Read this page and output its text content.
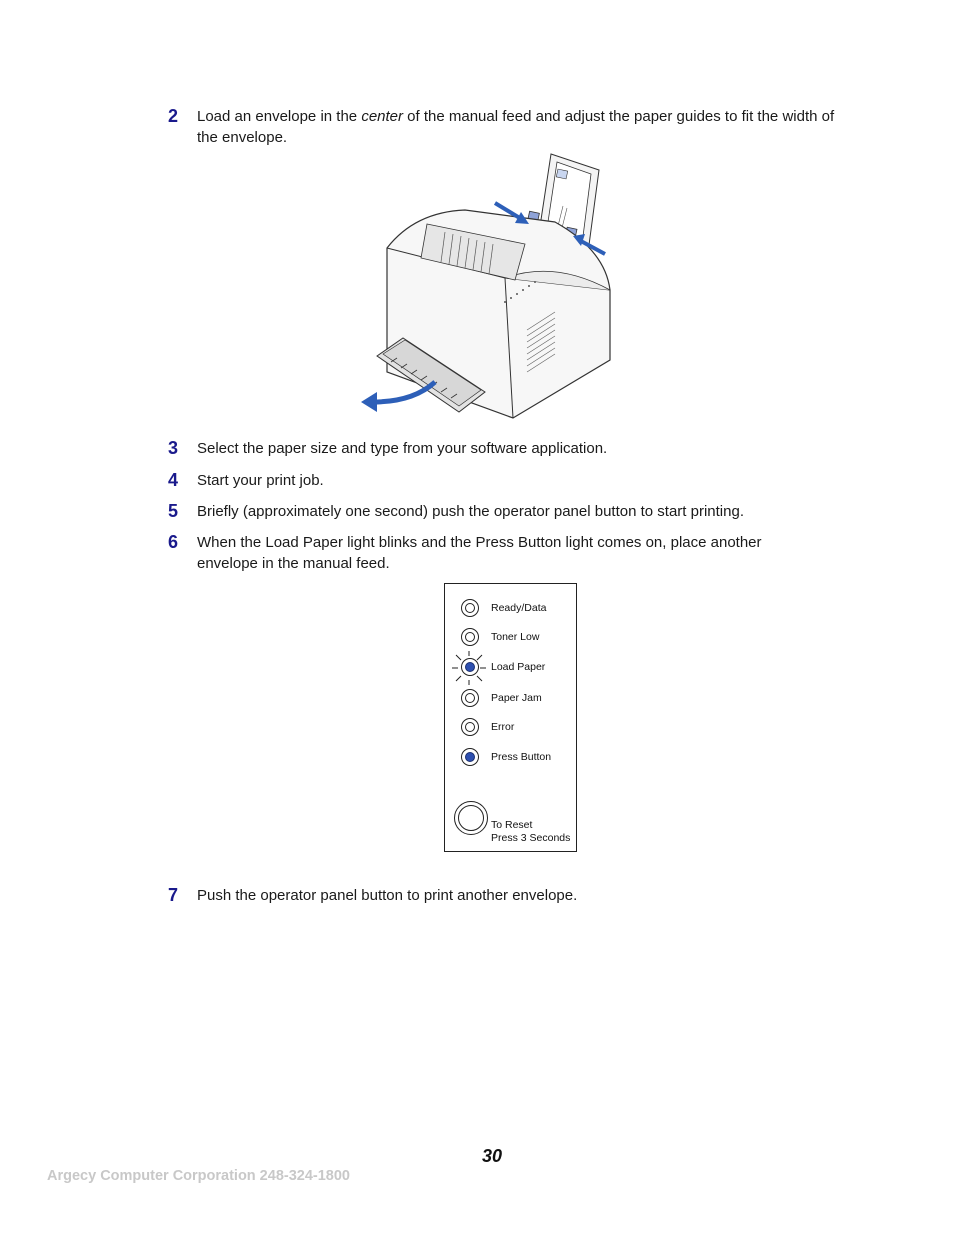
2 Load an envelope in the center of the manual feed and adjust the paper guides to fit the width of the envelope.
3 Select the paper size and type from your software application.
4 Start your print job.
5 Briefly (approximately one second) push the operator panel button to start printing.
6 When the Load Paper light blinks and the Press Button light comes on, place another envelope in the manual feed.
Ready/Data
Toner Low
Load Paper
Paper Jam
Error
Press Button
To Reset
Press 3 Seconds
7 Push the operator panel button to print another envelope.
30
Argecy Computer Corporation 248-324-1800
